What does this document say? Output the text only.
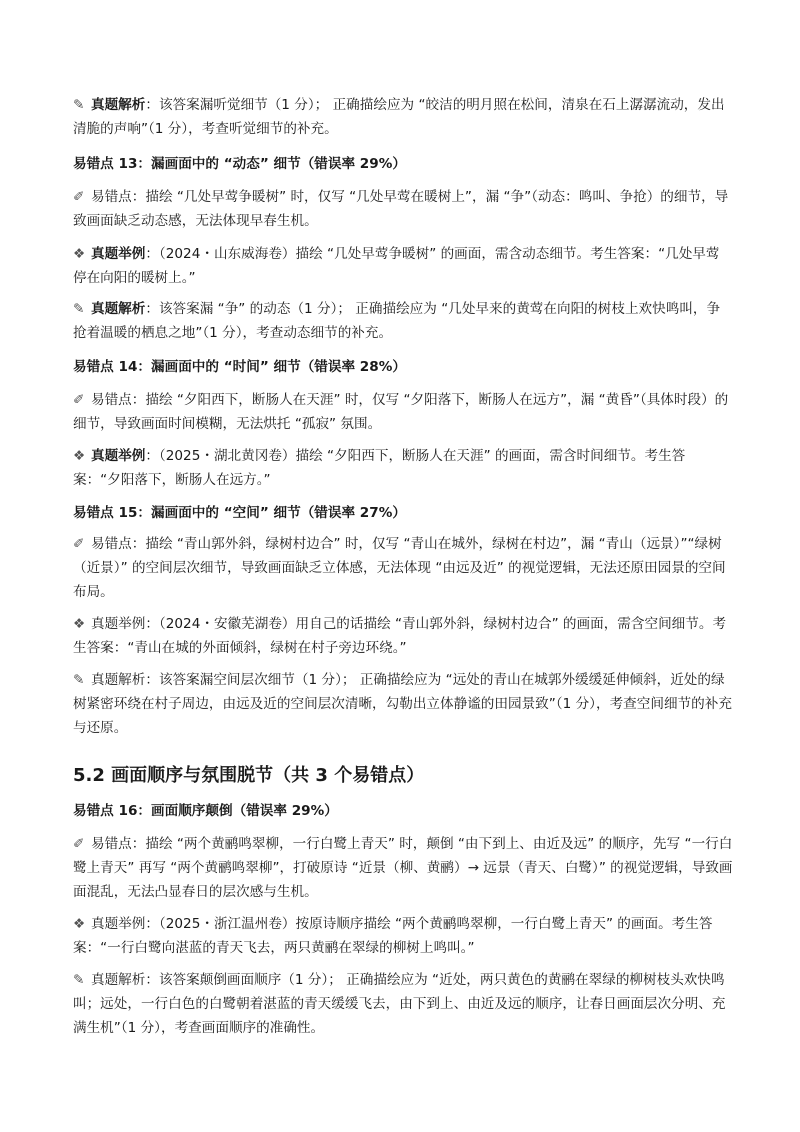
✎ 真题解析：该答案漏听觉细节（1 分）； 正确描绘应为 “皎洁的明月照在松间，清泉在石上潺潺流动，发出清脆的声响”（1 分），考查听觉细节的补充。

易错点 13：漏画面中的 “动态” 细节（错误率 29%）

✐ 易错点：描绘 “几处早莺争暖树” 时，仅写 “几处早莺在暖树上”，漏 “争”（动态：鸣叫、争抢）的细节，导致画面缺乏动态感，无法体现早春生机。

❖ 真题举例：（2024・山东威海卷）描绘 “几处早莺争暖树” 的画面，需含动态细节。考生答案：“几处早莺停在向阳的暖树上。”

✎ 真题解析：该答案漏 “争” 的动态（1 分）； 正确描绘应为 “几处早来的黄莺在向阳的树枝上欢快鸣叫，争抢着温暖的栖息之地”（1 分），考查动态细节的补充。

易错点 14：漏画面中的 “时间” 细节（错误率 28%）

✐ 易错点：描绘 “夕阳西下，断肠人在天涯” 时，仅写 “夕阳落下，断肠人在远方”，漏 “黄昏”（具体时段）的细节，导致画面时间模糊，无法烘托 “孤寂” 氛围。

❖ 真题举例：（2025・湖北黄冈卷）描绘 “夕阳西下，断肠人在天涯” 的画面，需含时间细节。考生答案：“夕阳落下，断肠人在远方。”

易错点 15：漏画面中的 “空间” 细节（错误率 27%）

✐ 易错点：描绘 “青山郭外斜，绿树村边合” 时，仅写 “青山在城外，绿树在村边”，漏 “青山（远景）”“绿树（近景）” 的空间层次细节，导致画面缺乏立体感，无法体现 “由远及近” 的视觉逻辑，无法还原田园景的空间布局。

❖ 真题举例：（2024・安徽芜湖卷）用自己的话描绘 “青山郭外斜，绿树村边合” 的画面，需含空间细节。考生答案：“青山在城的外面倾斜，绿树在村子旁边环绕。”

✎ 真题解析：该答案漏空间层次细节（1 分）； 正确描绘应为 “远处的青山在城郭外缓缓延伸倾斜，近处的绿树紧密环绕在村子周边，由远及近的空间层次清晰，勾勒出立体静谧的田园景致”（1 分），考查空间细节的补充与还原。

5.2 画面顺序与氛围脱节（共 3 个易错点）

易错点 16：画面顺序颠倒（错误率 29%）

✐ 易错点：描绘 “两个黄鹂鸣翠柳，一行白鹭上青天” 时，颠倒 “由下到上、由近及远” 的顺序，先写 “一行白鹭上青天” 再写 “两个黄鹂鸣翠柳”，打破原诗 “近景（柳、黄鹂）→ 远景（青天、白鹭）” 的视觉逻辑，导致画面混乱，无法凸显春日的层次感与生机。

❖ 真题举例：（2025・浙江温州卷）按原诗顺序描绘 “两个黄鹂鸣翠柳，一行白鹭上青天” 的画面。考生答案：“一行白鹭向湛蓝的青天飞去，两只黄鹂在翠绿的柳树上鸣叫。”

✎ 真题解析：该答案颠倒画面顺序（1 分）； 正确描绘应为 “近处，两只黄色的黄鹂在翠绿的柳树枝头欢快鸣叫；远处，一行白色的白鹭朝着湛蓝的青天缓缓飞去，由下到上、由近及远的顺序，让春日画面层次分明、充满生机”（1 分），考查画面顺序的准确性。
